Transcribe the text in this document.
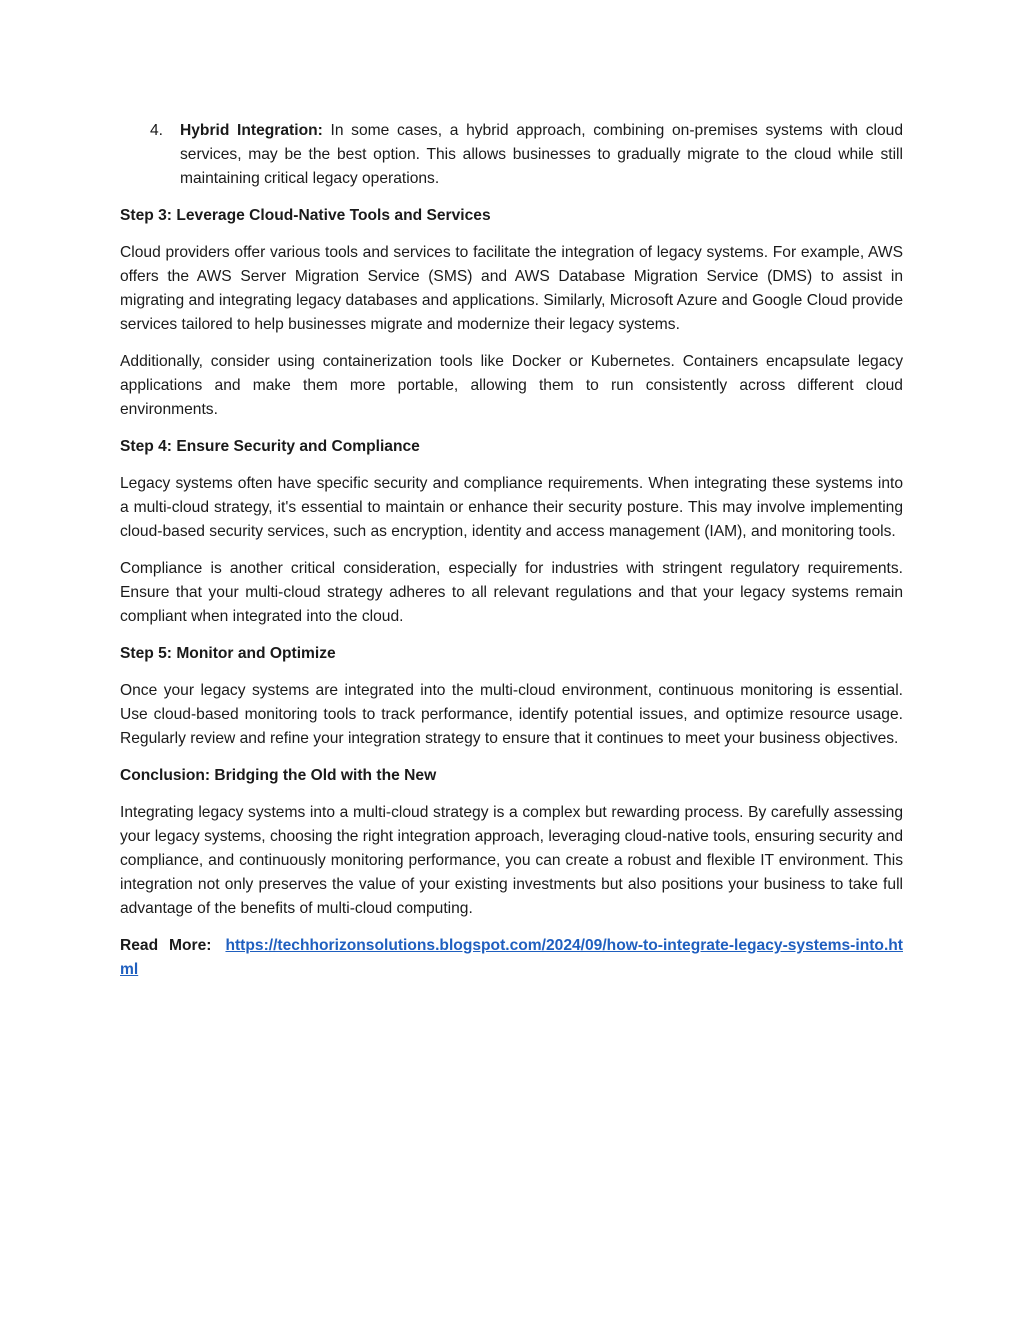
4. Hybrid Integration: In some cases, a hybrid approach, combining on-premises systems with cloud services, may be the best option. This allows businesses to gradually migrate to the cloud while still maintaining critical legacy operations.
Step 3: Leverage Cloud-Native Tools and Services

Cloud providers offer various tools and services to facilitate the integration of legacy systems. For example, AWS offers the AWS Server Migration Service (SMS) and AWS Database Migration Service (DMS) to assist in migrating and integrating legacy databases and applications. Similarly, Microsoft Azure and Google Cloud provide services tailored to help businesses migrate and modernize their legacy systems.

Additionally, consider using containerization tools like Docker or Kubernetes. Containers encapsulate legacy applications and make them more portable, allowing them to run consistently across different cloud environments.

Step 4: Ensure Security and Compliance

Legacy systems often have specific security and compliance requirements. When integrating these systems into a multi-cloud strategy, it's essential to maintain or enhance their security posture. This may involve implementing cloud-based security services, such as encryption, identity and access management (IAM), and monitoring tools.

Compliance is another critical consideration, especially for industries with stringent regulatory requirements. Ensure that your multi-cloud strategy adheres to all relevant regulations and that your legacy systems remain compliant when integrated into the cloud.

Step 5: Monitor and Optimize

Once your legacy systems are integrated into the multi-cloud environment, continuous monitoring is essential. Use cloud-based monitoring tools to track performance, identify potential issues, and optimize resource usage. Regularly review and refine your integration strategy to ensure that it continues to meet your business objectives.

Conclusion: Bridging the Old with the New

Integrating legacy systems into a multi-cloud strategy is a complex but rewarding process. By carefully assessing your legacy systems, choosing the right integration approach, leveraging cloud-native tools, ensuring security and compliance, and continuously monitoring performance, you can create a robust and flexible IT environment. This integration not only preserves the value of your existing investments but also positions your business to take full advantage of the benefits of multi-cloud computing.

Read More: https://techhorizonsolutions.blogspot.com/2024/09/how-to-integrate-legacy-systems-into.html
